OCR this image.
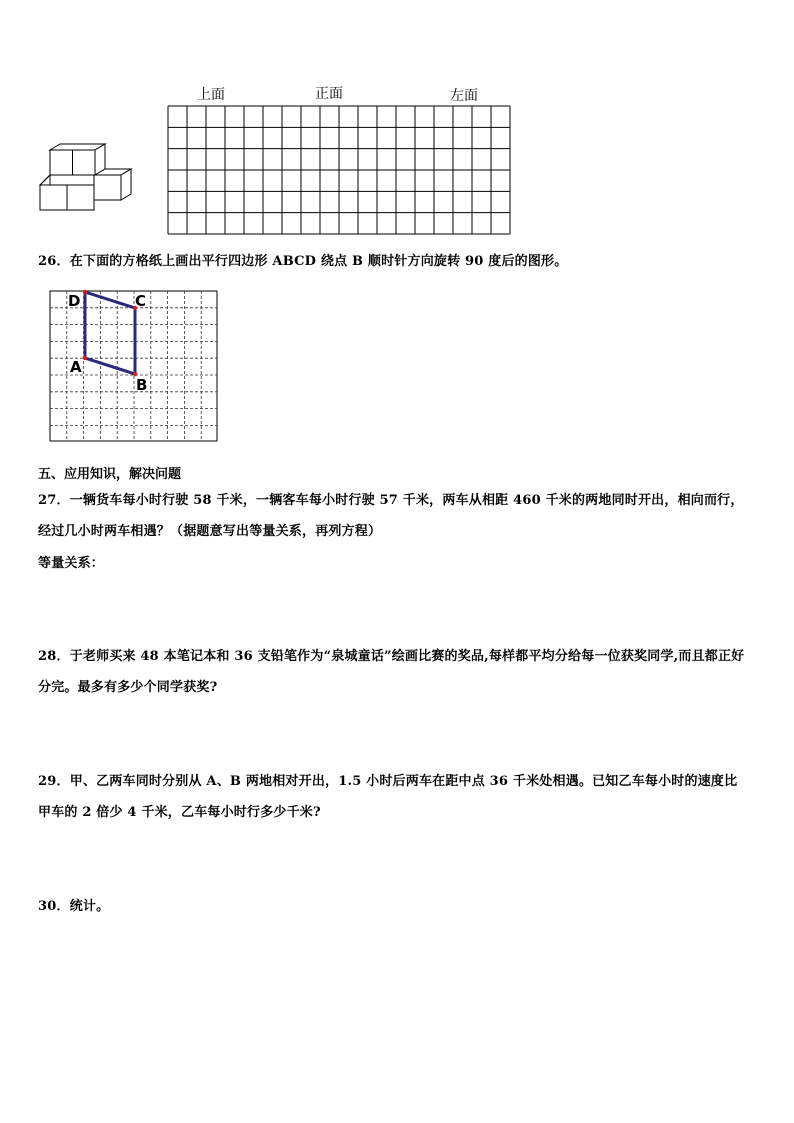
上面	正面	左面
26．在下面的方格纸上画出平行四边形 ABCD 绕点 B 顺时针方向旋转 90 度后的图形。
D	C
A
B
五、应用知识，解决问题
27．一辆货车每小时行驶 58 千米，一辆客车每小时行驶 57 千米，两车从相距 460 千米的两地同时开出，相向而行，
经过几小时两车相遇？（据题意写出等量关系，再列方程）
等量关系：
28．于老师买来 48 本笔记本和 36 支铅笔作为“泉城童话”绘画比赛的奖品,每样都平均分给每一位获奖同学,而且都正好
分完。最多有多少个同学获奖?
29．甲、乙两车同时分别从 A、B 两地相对开出，1.5 小时后两车在距中点 36 千米处相遇。已知乙车每小时的速度比
甲车的 2 倍少 4 千米，乙车每小时行多少千米?
30．统计。
